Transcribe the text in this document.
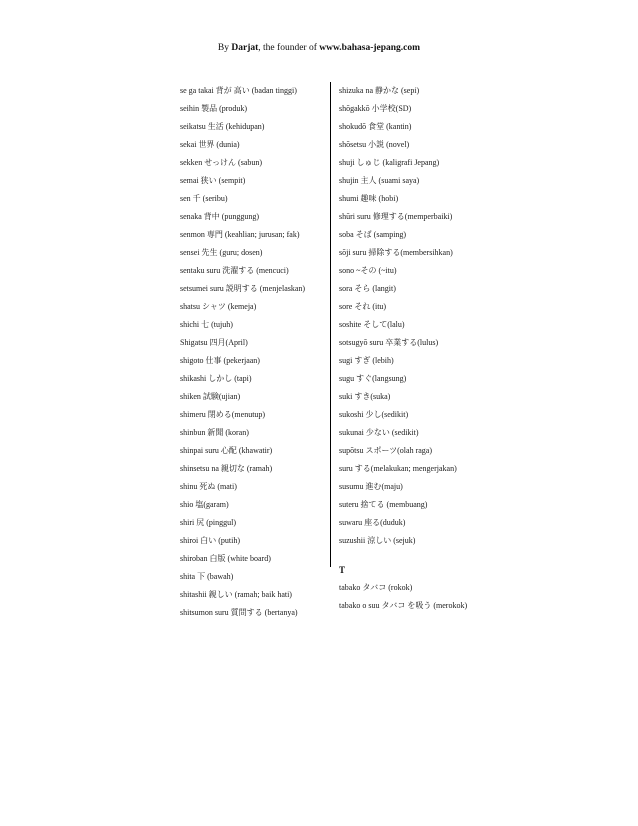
By Darjat, the founder of www.bahasa-jepang.com
se ga takai 背が 高い (badan tinggi)
seihin 製品 (produk)
seikatsu 生活 (kehidupan)
sekai 世界 (dunia)
sekken せっけん (sabun)
semai 狭い (sempit)
sen 千 (seribu)
senaka 背中 (punggung)
senmon 専門 (keahlian; jurusan; fak)
sensei 先生 (guru; dosen)
sentaku suru 洗濯する (mencuci)
setsumei suru 説明する (menjelaskan)
shatsu シャツ (kemeja)
shichi 七 (tujuh)
Shigatsu 四月(April)
shigoto 仕事 (pekerjaan)
shikashi しかし (tapi)
shiken 試験(ujian)
shimeru 閉める(menutup)
shinbun 新聞 (koran)
shinpai suru 心配 (khawatir)
shinsetsu na 親切な (ramah)
shinu 死ぬ (mati)
shio 塩(garam)
shiri 尻 (pinggul)
shiroi 白い (putih)
shiroban 白版 (white board)
shita 下 (bawah)
shitashii 親しい (ramah; baik hati)
shitsumon suru 質問する (bertanya)
shizuka na 静かな (sepi)
shōgakkō 小学校(SD)
shokudō 食堂 (kantin)
shōsetsu 小説 (novel)
shuji しゅじ (kaligrafi Jepang)
shujin 主人 (suami saya)
shumi 趣味 (hobi)
shūri suru 修理する(memperbaiki)
soba そば (samping)
sōji suru 掃除する(membersihkan)
sono ~その (~itu)
sora そら (langit)
sore それ (itu)
soshite そして(lalu)
sotsugyō suru 卒業する(lulus)
sugi すぎ (lebih)
sugu すぐ(langsung)
suki すき(suka)
sukoshi 少し(sedikit)
sukunai 少ない (sedikit)
supōtsu スポーツ(olah raga)
suru する(melakukan; mengerjakan)
susumu 進む(maju)
suteru 捨てる (membuang)
suwaru 座る(duduk)
suzushii 涼しい (sejuk)
T
tabako タバコ (rokok)
tabako o suu タバコ を吸う (merokok)
